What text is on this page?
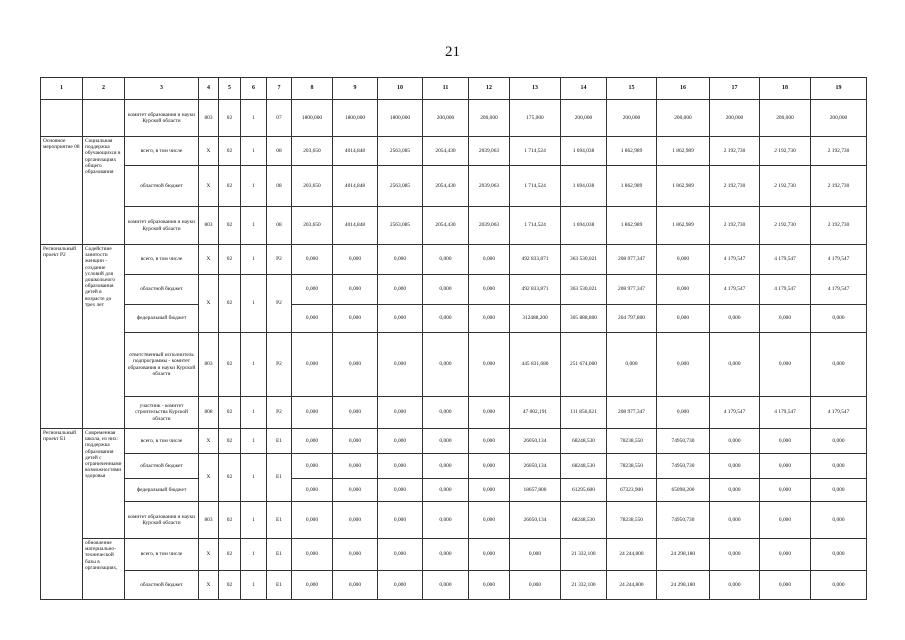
21
1	2	3	4	5	6	7	8	9	10	11	12	13	14	15	16	17	18	19
		комитет образования и науки Курской области	803	02	1	07	1800,000	1800,000	1800,000	200,000	200,000	175,000	200,000	200,000	200,000	200,000	200,000	200,000
Основное мероприятие 08	Социальная поддержка обучающихся в организациях общего образования	всего, в том числе	X	02	1	08	203,650	4014,848	2563,085	2054,430	2039,063	1 714,524	1 694,038	1 862,989	1 862,989	2 192,730	2 192,730	2 192,730
		областной бюджет	X	02	1	08	203,650	4014,848	2563,085	2054,430	2039,063	1 714,524	1 694,038	1 862,989	1 862,989	2 192,730	2 192,730	2 192,730
		комитет образования и науки Курской области	803	02	1	08	203,650	4014,848	2563,085	2054,430	2039,063	1 714,524	1 694,038	1 862,989	1 862,989	2 192,730	2 192,730	2 192,730
Региональный проект P2	Содействие занятости женщин - создание условий для дошкольного образования детей в возрасте до трех лет	всего, в том числе	X	02	1	P2	0,000	0,000	0,000	0,000	0,000	492 833,871	363 530,021	208 977,347	0,000	4 179,547	4 179,547	4 179,547
		областной бюджет	X	02	1	P2	0,000	0,000	0,000	0,000	0,000	492 833,871	363 530,021	208 977,347	0,000	4 179,547	4 179,547	4 179,547
		федеральный бюджет					0,000	0,000	0,000	0,000	0,000	312488,200	305 888,800	204 797,800	0,000	0,000	0,000	0,000
		ответственный исполнитель подпрограммы - комитет образования и науки Курской области	803	02	1	P2	0,000	0,000	0,000	0,000	0,000	445 831,680	251 674,000	0,000	0,000	0,000	0,000	0,000
		участник - комитет строительства Курской области	808	02	1	P2	0,000	0,000	0,000	0,000	0,000	47 002,191	111 856,021	208 977,347	0,000	4 179,547	4 179,547	4 179,547
Региональный проект E1	Современная школа, из них: поддержка образования детей с ограниченными возможностями здоровья	всего, в том числе	X	02	1	E1	0,000	0,000	0,000	0,000	0,000	26050,134	68248,530	78238,550	74950,730	0,000	0,000	0,000
		областной бюджет	X	02	1	E1	0,000	0,000	0,000	0,000	0,000	26050,134	68248,530	78238,550	74950,730	0,000	0,000	0,000
		федеральный бюджет					0,000	0,000	0,000	0,000	0,000	18657,800	61295,600	67323,900	65098,200	0,000	0,000	0,000
		комитет образования и науки Курской области	803	02	1	E1	0,000	0,000	0,000	0,000	0,000	26050,134	68248,530	78238,550	74950,730	0,000	0,000	0,000
	обновление материально-технической базы в организациях,	всего, в том числе	X	02	1	E1	0,000	0,000	0,000	0,000	0,000	0,000	21 332,100	24 244,800	24 298,180	0,000	0,000	0,000
		областной бюджет	X	02	1	E1	0,000	0,000	0,000	0,000	0,000	0,000	21 332,100	24 244,800	24 298,180	0,000	0,000	0,000
